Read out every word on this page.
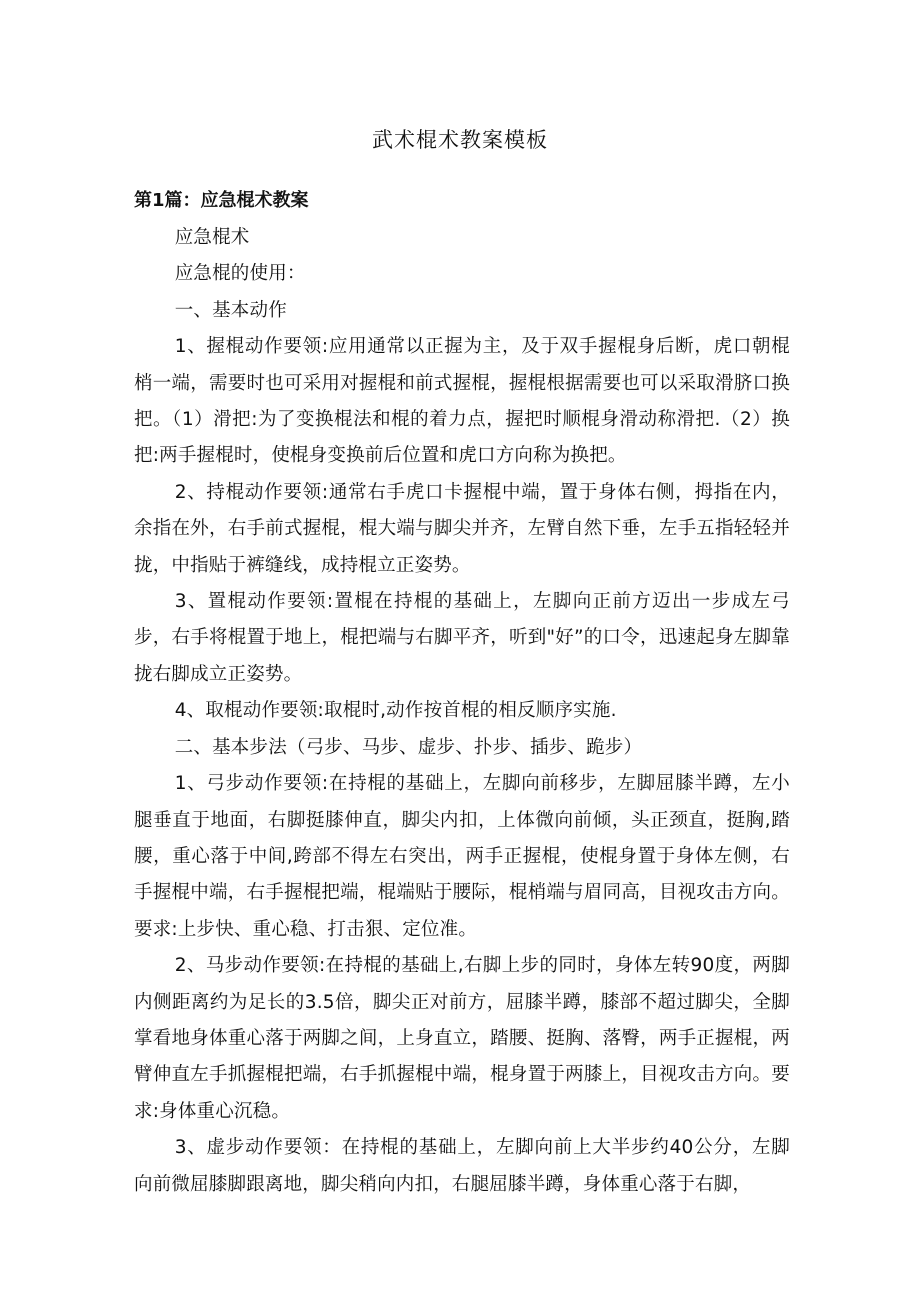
武术棍术教案模板
第1篇：应急棍术教案

应急棍术

应急棍的使用：

一、基本动作

1、握棍动作要领:应用通常以正握为主，及于双手握棍身后断，虎口朝棍梢一端，需要时也可采用对握棍和前式握棍，握棍根据需要也可以采取滑脐口换把。（1）滑把:为了变换棍法和棍的着力点，握把时顺棍身滑动称滑把.（2）换把:两手握棍时，使棍身变换前后位置和虎口方向称为换把。

2、持棍动作要领:通常右手虎口卡握棍中端，置于身体右侧，拇指在内，余指在外，右手前式握棍，棍大端与脚尖并齐，左臂自然下垂，左手五指轻轻并拢，中指贴于裤缝线，成持棍立正姿势。

3、置棍动作要领:置棍在持棍的基础上，左脚向正前方迈出一步成左弓步，右手将棍置于地上，棍把端与右脚平齐，听到"好”的口令，迅速起身左脚靠拢右脚成立正姿势。

4、取棍动作要领:取棍时,动作按首棍的相反顺序实施.

二、基本步法（弓步、马步、虚步、扑步、插步、跪步）

1、弓步动作要领:在持棍的基础上，左脚向前移步，左脚屈膝半蹲，左小腿垂直于地面，右脚挺膝伸直，脚尖内扣，上体微向前倾，头正颈直，挺胸,踏腰，重心落于中间,跨部不得左右突出，两手正握棍，使棍身置于身体左侧，右手握棍中端，右手握棍把端，棍端贴于腰际，棍梢端与眉同高，目视攻击方向。要求:上步快、重心稳、打击狠、定位准。

2、马步动作要领:在持棍的基础上,右脚上步的同时，身体左转90度，两脚内侧距离约为足长的3.5倍，脚尖正对前方，屈膝半蹲，膝部不超过脚尖，全脚掌看地身体重心落于两脚之间，上身直立，踏腰、挺胸、落臀，两手正握棍，两臂伸直左手抓握棍把端，右手抓握棍中端，棍身置于两膝上，目视攻击方向。要求:身体重心沉稳。

3、虚步动作要领：在持棍的基础上，左脚向前上大半步约40公分，左脚向前微屈膝脚跟离地，脚尖稍向内扣，右腿屈膝半蹲，身体重心落于右脚，
